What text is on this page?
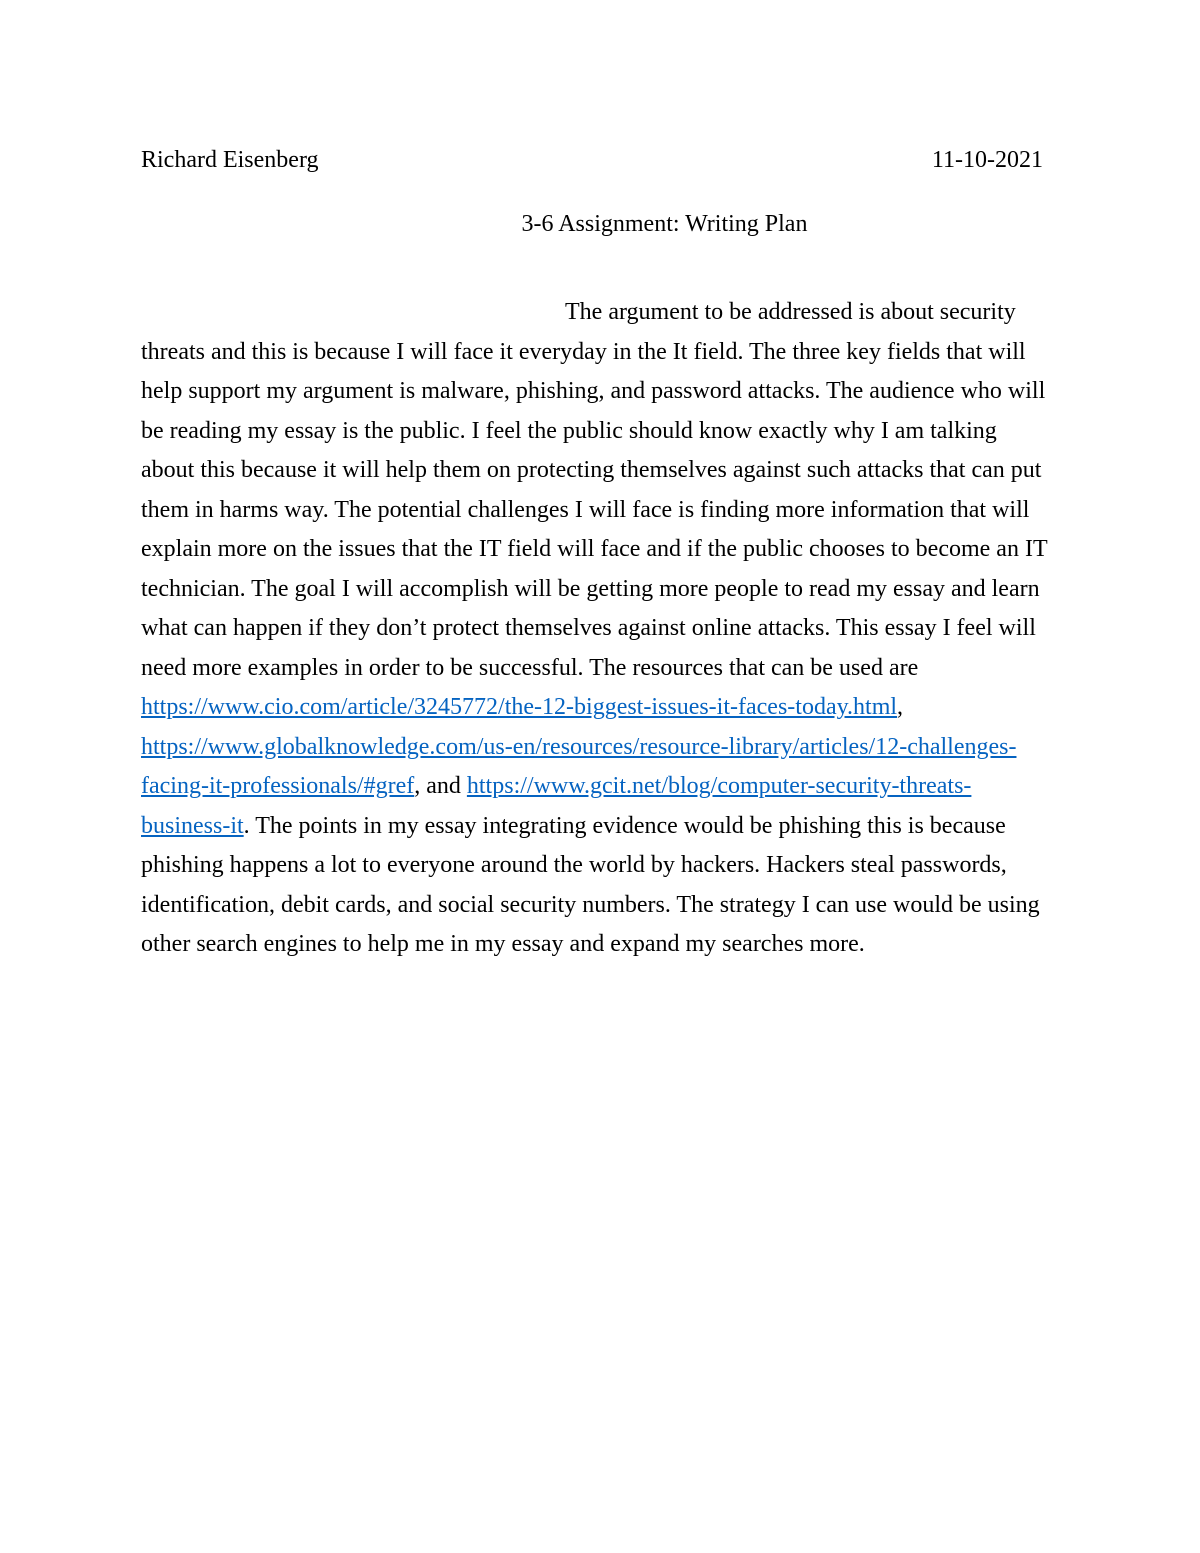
Richard Eisenberg	11-10-2021
3-6 Assignment: Writing Plan

The argument to be addressed is about security threats and this is because I will face it everyday in the It field. The three key fields that will help support my argument is malware, phishing, and password attacks. The audience who will be reading my essay is the public. I feel the public should know exactly why I am talking about this because it will help them on protecting themselves against such attacks that can put them in harms way. The potential challenges I will face is finding more information that will explain more on the issues that the IT field will face and if the public chooses to become an IT technician. The goal I will accomplish will be getting more people to read my essay and learn what can happen if they don’t protect themselves against online attacks. This essay I feel will need more examples in order to be successful. The resources that can be used are https://www.cio.com/article/3245772/the-12-biggest-issues-it-faces-today.html, https://www.globalknowledge.com/us-en/resources/resource-library/articles/12-challenges-facing-it-professionals/#gref, and https://www.gcit.net/blog/computer-security-threats-business-it. The points in my essay integrating evidence would be phishing this is because phishing happens a lot to everyone around the world by hackers. Hackers steal passwords, identification, debit cards, and social security numbers. The strategy I can use would be using other search engines to help me in my essay and expand my searches more.
